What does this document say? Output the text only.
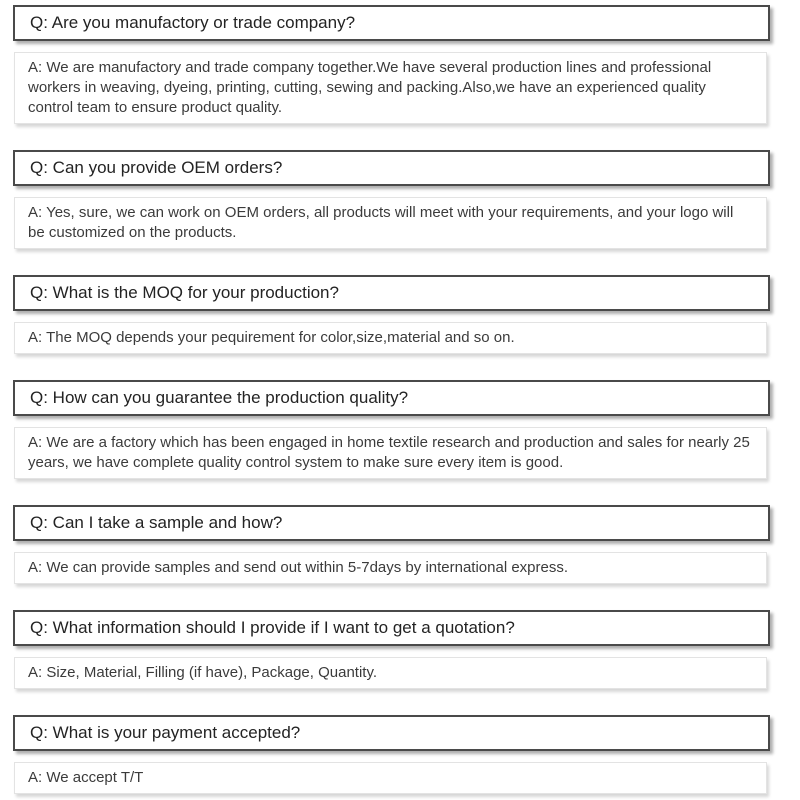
Q: Are you manufactory or trade company?
A: We are manufactory and trade company together.We have several production lines and professional workers in weaving, dyeing, printing, cutting, sewing and packing.Also,we have an experienced quality control team to ensure product quality.
Q: Can you provide OEM orders?
A: Yes, sure, we can work on OEM orders, all products will meet with your requirements, and your logo will be customized on the products.
Q: What is the MOQ for your production?
A: The MOQ depends your pequirement for color,size,material and so on.
Q: How can you guarantee the production quality?
A: We are a factory which has been engaged in home textile research and production and sales for nearly 25 years, we have complete quality control system to make sure every item is good.
Q: Can I take a sample and how?
A: We can provide samples and send out within 5-7days by international express.
Q: What information should I provide if I want to get a quotation?
A: Size, Material, Filling (if have), Package, Quantity.
Q: What is your payment accepted?
A: We accept T/T
